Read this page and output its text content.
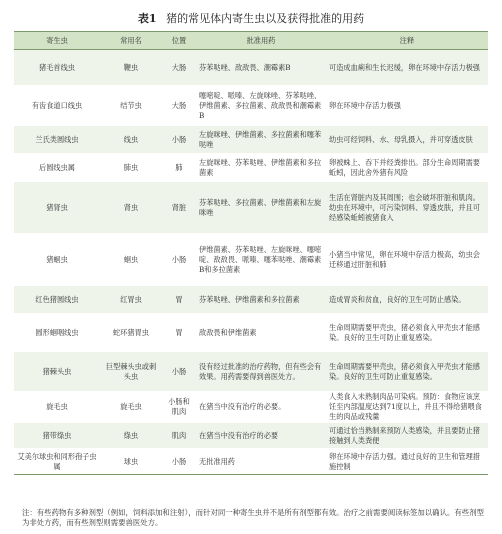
表1 猪的常见体内寄生虫以及获得批准的用药
寄生虫	常用名	位置	批准用药	注释
猪毛首线虫	鞭虫	大肠	芬苯哒唑、敌敌畏、潮霉素B	可造成血痢和生长迟缓，卵在环境中存活力极强
有齿食道口线虫	结节虫	大肠	噻嘧啶、哌嗪、左旋咪唑、芬苯哒唑、伊维菌素、多拉菌素、敌敌畏和潮霉素B	卵在环境中存活力极强
兰氏类圆线虫	线虫	小肠	左旋咪唑、伊维菌素、多拉菌素和噻苯哒唑	幼虫可经饲料、水、母乳摄入，并可穿透皮肤
后圆线虫属	肺虫	肺	左旋咪唑、芬苯哒唑、伊维菌素和多拉菌素	卵被蛛上、吞下并经粪排出。部分生命周期需要蚯蚓，因此舍外猪有风险
猪肾虫	肾虫	肾脏	芬苯哒唑、多拉菌素、伊维菌素和左旋咪唑	生活在肾脏内及其周围；也会破坏肝脏和肌肉。幼虫在环境中，可污染饲料、穿透皮肤，并且可经感染蚯蚓被猪食入
猪蛔虫	蛔虫	小肠	伊维菌素、芬苯哒唑、左旋咪唑、噻嘧啶、敌敌畏、哌嗪、噻苯哒唑、潮霉素B和多拉菌素	小猪当中常见，卵在环境中存活力极高，幼虫会迁移通过肝脏和肺
红色猪圆线虫	红胃虫	胃	芬苯哒唑、伊维菌素和多拉菌素	造成胃炎和贫血，良好的卫生可防止感染。
圆形蛔咽线虫	蛇环猪胃虫	胃	敌敌畏和伊维菌素	生命周期需要甲壳虫，猪必须食入甲壳虫才能感染。良好的卫生可防止重复感染。
猪棘头虫	巨型棘头虫或刺头虫	小肠	没有经过批准的治疗药物，但有些会有效果。用药需要得到兽医处方。	生命周期需要甲壳虫，猪必须食入甲壳虫才能感染。良好的卫生可防止重复感染。
旋毛虫	旋毛虫	小肠和肌肉	在猪当中没有治疗的必要。	人类食入未熟制肉品可染病。预防：食物应该烹饪至内部温度达到71度以上，并且不得给猪喂食生的肉品或残羹
猪带绦虫	绦虫	肌肉	在猪当中没有治疗的必要	可通过恰当熟制来预防人类感染，并且要防止猪接触到人类粪便
艾美尔球虫和同形孢子虫属	球虫	小肠	无批准用药	卵在环境中存活力强。通过良好的卫生和管理措施控制
注：有些药物有多种剂型（例如，饲料添加和注射），而针对同一种寄生虫并不是所有剂型都有效。治疗之前需要阅读标签加以确认。有些剂型为非处方药，而有些剂型则需要兽医处方。
